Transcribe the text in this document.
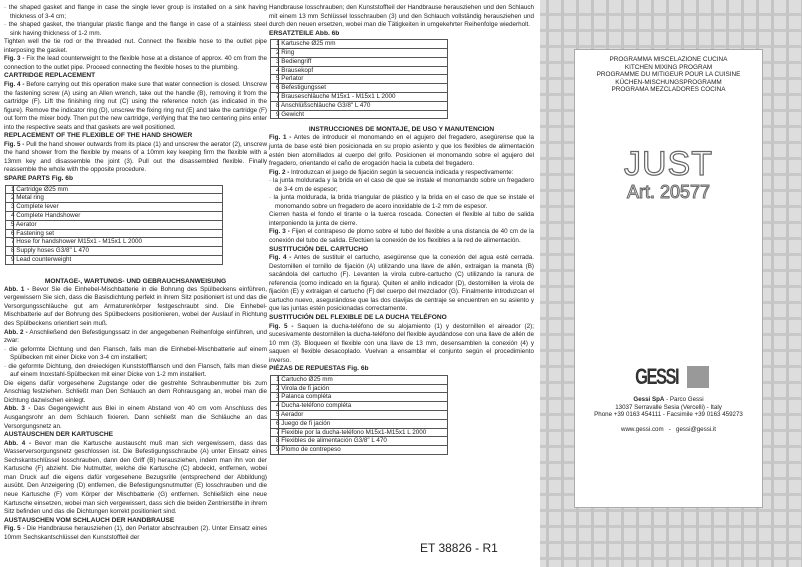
· the shaped gasket and flange in case the single lever group is installed on a sink having thickness of 3-4 cm;

· the shaped gasket, the triangular plastic flange and the flange in case of a stainless steel sink having thickness of 1-2 mm.

Tighten well the tie rod or the threaded nut. Connect the flexible hose to the outlet pipe interposing the gasket.

Fig. 3 - Fix the lead counterweight to the flexible hose at a distance of approx. 40 cm from the connection to the outlet pipe. Proceed connecting the flexible hoses to the plumbing.

CARTRIDGE REPLACEMENT

Fig. 4 - Before carrying out this operation make sure that water connection is closed. Unscrew the fastening screw (A) using an Allen wrench, take out the handle (B), removing it from the cartridge (F). Lift the finishing ring nut (C) using the reference notch (as indicated in the figure). Remove the indicator ring (D), unscrew the fixing ring nut (E) and take the cartridge (F) out form the mixer body. Then put the new cartridge, verifying that the two centering pins enter into the respective seats and that gaskets are well positioned.

REPLACEMENT OF THE FLEXIBLE OF THE HAND SHOWER

Fig. 5 - Pull the hand shower outwards from its place (1) and unscrew the aerator (2), unscrew the hand shower from the flexible by means of a 10mm key keeping firm the flexible with a 13mm key and disassemble the joint (3). Pull out the disassembled flexible. Finally reassemble the whole with the opposite procedure.

SPARE PARTS Fig. 6b
1 Cartridge Ø25 mm
2 Metal ring
3 Complete lever
4 Complete Handshower
5 Aerator
6 Fastening set
7 Hose for handshower M15x1 - M15x1 L 2000
8 Supply hoses G3/8" L 470
9 Lead counterweight
MONTAGE-, WARTUNGS- UND GEBRAUCHSANWEISUNG

Abb. 1 - Bevor Sie die Einhebel-Mischbatterie in die Bohrung des Spülbeckens einführen, vergewissern Sie sich, dass die Basisdichtung perfekt in ihrem Sitz positioniert ist und das die Versorgungsschläuche gut am Armaturenkörper festgeschraubt sind. Die Einhebel-Mischbatterie auf der Bohrung des Spülbeckens positionieren, wobei der Auslauf in Richtung des Spülbeckens orientiert sein muß.

Abb. 2 - Anschließend den Befestigungssatz in der angegebenen Reihenfolge einführen, und zwar:

· die geformte Dichtung und den Flansch, falls man die Einhebel-Mischbatterie auf einem Spülbecken mit einer Dicke von 3-4 cm installiert;

· die geformte Dichtung, den dreieckigen Kunststoffflansch und den Flansch, falls man diese auf einem Inoxstahl-Spülbecken mit einer Dicke von 1-2 mm installiert.

Die eigens dafür vorgesehene Zugstange oder die gestrehte Schraubenmutter bis zum Anschlag festziehen. Schließt man Den Schlauch an dem Rohrausgang an, wobei man die Dichtung dazwischen einlegt.

Abb. 3 - Das Gegengewicht aus Blei in einem Abstand von 40 cm vom Anschluss des Ausgangsrohr an dem Schlauch fixieren. Dann schließt man die Schläuche an das Versorgungsnetz an.

AUSTAUSCHEN DER KARTUSCHE

Abb. 4 - Bevor man die Kartusche austauscht muß man sich vergewissern, dass das Wasserversorgungsnetz geschlossen ist. Die Befestigungsschraube (A) unter Einsatz eines Sechskantschlüssel losschrauben, dann den Griff (B) herausziehen, indem man ihn von der Kartusche (F) abzieht. Die Nutmutter, welche die Kartusche (C) abdeckt, entfernen, wobei man Druck auf die eigens dafür vorgesehene Bezugsrille (entsprechend der Abbildung) ausübt. Den Anzeigering (D) entfernen, die Befestigungsnutmutter (E) losschrauben und die neue Kartusche (F) vom Körper der Mischbatterie (G) entfernen. Schließlich eine neue Kartusche einsetzen, wobei man sich vergewissert, dass sich die beiden Zentrierstifte in ihrem Sitz befinden und das die Dichtungen korrekt positioniert sind.

AUSTAUSCHEN VOM SCHLAUCH DER HANDBRAUSE

Fig. 5 - Die Handbrause herausziehen (1), den Perlator abschrauben (2). Unter Einsatz eines 10mm Sechskantschlüssel den Kunststoffteil der

Handbrause losschrauben; den Kunststoffteil der Handbrause herausziehen und den Schlauch mit einem 13 mm Schlüssel losschrauben (3) und den Schlauch vollständig herausziehen und durch den neuen ersetzen, wobei man die Tätigkeiten in umgekehrter Reihenfolge wiederholt.

ERSATZTEILE Abb. 6b
1 Kartusche Ø25 mm
2 Ring
3 Bediengriff
4 Brausekopf
5 Perlator
6 Befestigungsset
7 Brauseschläuche M15x1 - M15x1 L 2000
8 Anschlüßschläuche G3/8" L 470
9 Gewicht
INSTRUCCIONES DE MONTAJE, DE USO Y MANUTENCION

Fig. 1 - Antes de introducir el monomando en el agujero del fregadero, asegúrense que la junta de base esté bien posicionada en su propio asiento y que los flexibles de alimentación estén bien atornillados al cuerpo del grifo. Posicionen el monomando sobre el agujero del fregadero, orientando el caño de erogación hacia la cubeta del fregadero.

Fig. 2 - Introduzcan el juego de fijación según la secuencia indicada y respectivamente:

· la junta moldurada y la brida en el caso de que se instale el monomando sobre un fregadero de 3-4 cm de espesor;

· la junta moldurada, la brida triangular de plástico y la brida en el caso de que se instale el monomando sobre un fregadero de acero inoxidable de 1-2 mm de espesor.

Cierren hasta el fondo el tirante o la tuerca roscada. Conecten el flexible al tubo de salida interponiendo la junta de cierre.

Fig. 3 - Fijen el contrapeso de plomo sobre el tubo del flexible a una distancia de 40 cm de la conexión del tubo de salida. Efectúen la conexión de los flexibles a la red de alimentación.

SUSTITUCIÓN DEL CARTUCHO

Fig. 4 - Antes de sustituir el cartucho, asegúrense que la conexión del agua esté cerrada. Destornillen el tornillo de fijación (A) utilizando una llave de allén, extraigan la maneta (B) sacándola del cartucho (F). Levanten la virola cubre-cartucho (C) utilizando la ranura de referencia (como indicado en la figura). Quiten el anillo indicador (D), destornillen la virola de fijación (E) y extraigan el cartucho (F) del cuerpo del mezclador (G). Finalmente introduzcan el cartucho nuevo, asegurándose que las dos clavijas de centraje se encuentren en su asiento y que las juntas estén posicionadas correctamente.

SUSTITUCIÓN DEL FLEXIBLE DE LA DUCHA TELÉFONO

Fig. 5 - Saquen la ducha-teléfono de su alojamiento (1) y destornillen el aireador (2); sucesivamente destornillen la ducha-teléfono del flexible ayudándose con una llave de allén de 10 mm (3). Bloqueen el flexible con una llave de 13 mm, desensamblen la conexión (4) y saquen el flexible desacoplado. Vuelvan a ensamblar el conjunto según el procedimiento inverso.

PIÉZAS DE REPUESTAS Fig. 6b
1 Cartucho Ø25 mm
2 Virola de fi jación
3 Palanca compléta
4 Ducha-teléfono compléta
5 Aerador
6 Juego de fi jación
7 Flexible por la ducha-teléfono M15x1-M15x1 L 2000
8 Flexibles de alimentación G3/8" L 470
9 Plomo de contrepeso
ET 38826 - R1
PROGRAMMA MISCELAZIONE CUCINA
KITCHEN MIXING PROGRAM
PROGRAMME DU MITIGEUR POUR LA CUISINE
KÜCHEN-MISCHUNGSPROGRAMM
PROGRAMA MEZCLADORES COCINA
JUST
Art. 20577
GESSI
Gessi SpA - Parco Gessi
13037 Serravalle Sesia (Vercelli) - Italy
Phone +39 0163 454111 - Facsimile +39 0163 459273
www.gessi.com   -   gessi@gessi.it
